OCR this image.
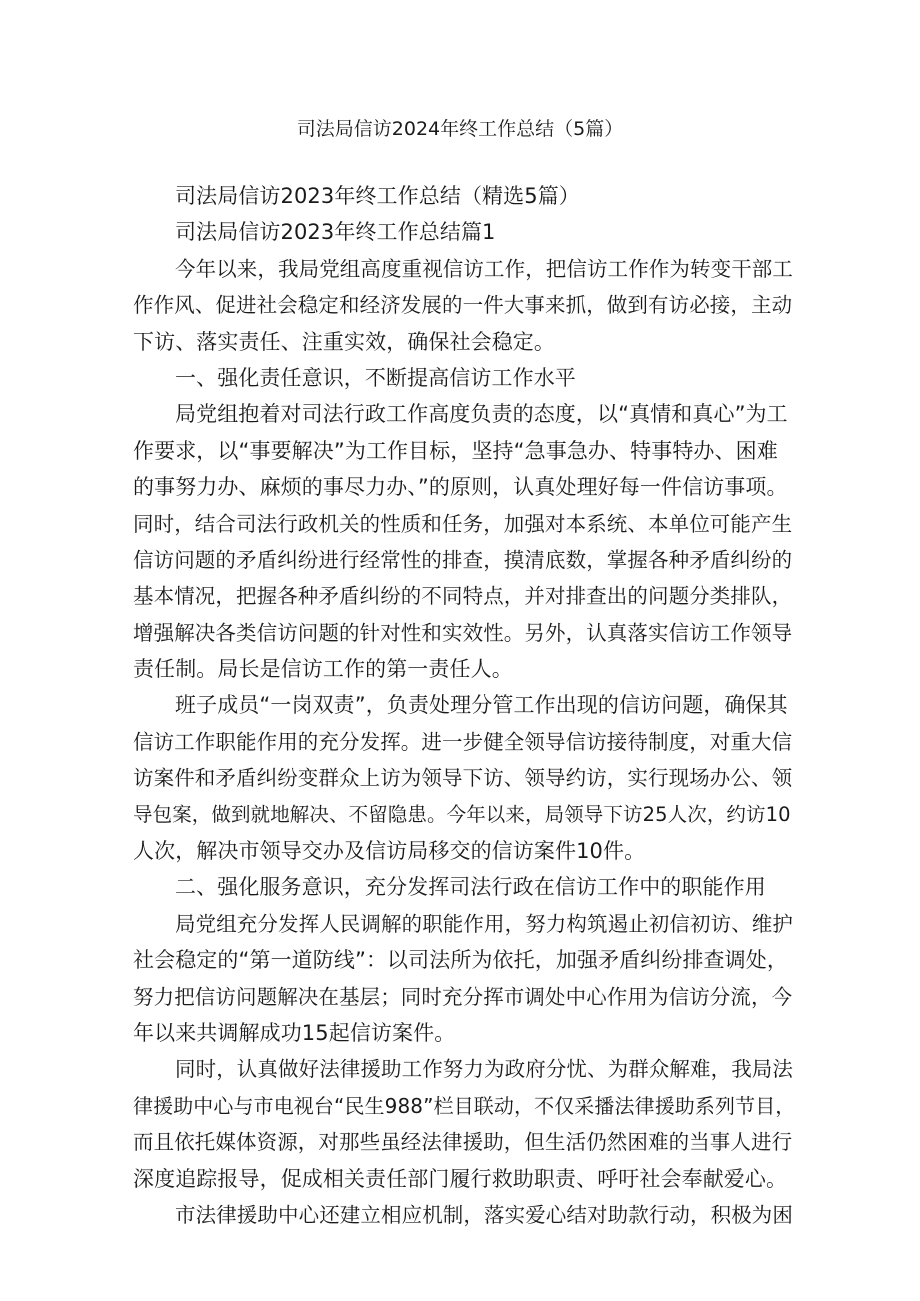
司法局信访2024年终工作总结（5篇）
司法局信访2023年终工作总结（精选5篇）
司法局信访2023年终工作总结篇1
今年以来，我局党组高度重视信访工作，把信访工作作为转变干部工
作作风、促进社会稳定和经济发展的一件大事来抓，做到有访必接，主动
下访、落实责任、注重实效，确保社会稳定。
一、强化责任意识，不断提高信访工作水平
局党组抱着对司法行政工作高度负责的态度，以“真情和真心”为工
作要求，以“事要解决”为工作目标，坚持“急事急办、特事特办、困难
的事努力办、麻烦的事尽力办、”的原则，认真处理好每一件信访事项。
同时，结合司法行政机关的性质和任务，加强对本系统、本单位可能产生
信访问题的矛盾纠纷进行经常性的排查，摸清底数，掌握各种矛盾纠纷的
基本情况，把握各种矛盾纠纷的不同特点，并对排查出的问题分类排队，
增强解决各类信访问题的针对性和实效性。另外，认真落实信访工作领导
责任制。局长是信访工作的第一责任人。
班子成员“一岗双责”，负责处理分管工作出现的信访问题，确保其
信访工作职能作用的充分发挥。进一步健全领导信访接待制度，对重大信
访案件和矛盾纠纷变群众上访为领导下访、领导约访，实行现场办公、领
导包案，做到就地解决、不留隐患。今年以来，局领导下访25人次，约访10
人次，解决市领导交办及信访局移交的信访案件10件。
二、强化服务意识，充分发挥司法行政在信访工作中的职能作用
局党组充分发挥人民调解的职能作用，努力构筑遏止初信初访、维护
社会稳定的“第一道防线”：以司法所为依托，加强矛盾纠纷排查调处，
努力把信访问题解决在基层；同时充分挥市调处中心作用为信访分流，今
年以来共调解成功15起信访案件。
同时，认真做好法律援助工作努力为政府分忧、为群众解难，我局法
律援助中心与市电视台“民生988”栏目联动，不仅采播法律援助系列节目，
而且依托媒体资源，对那些虽经法律援助，但生活仍然困难的当事人进行
深度追踪报导，促成相关责任部门履行救助职责、呼吁社会奉献爱心。
市法律援助中心还建立相应机制，落实爱心结对助款行动，积极为困
